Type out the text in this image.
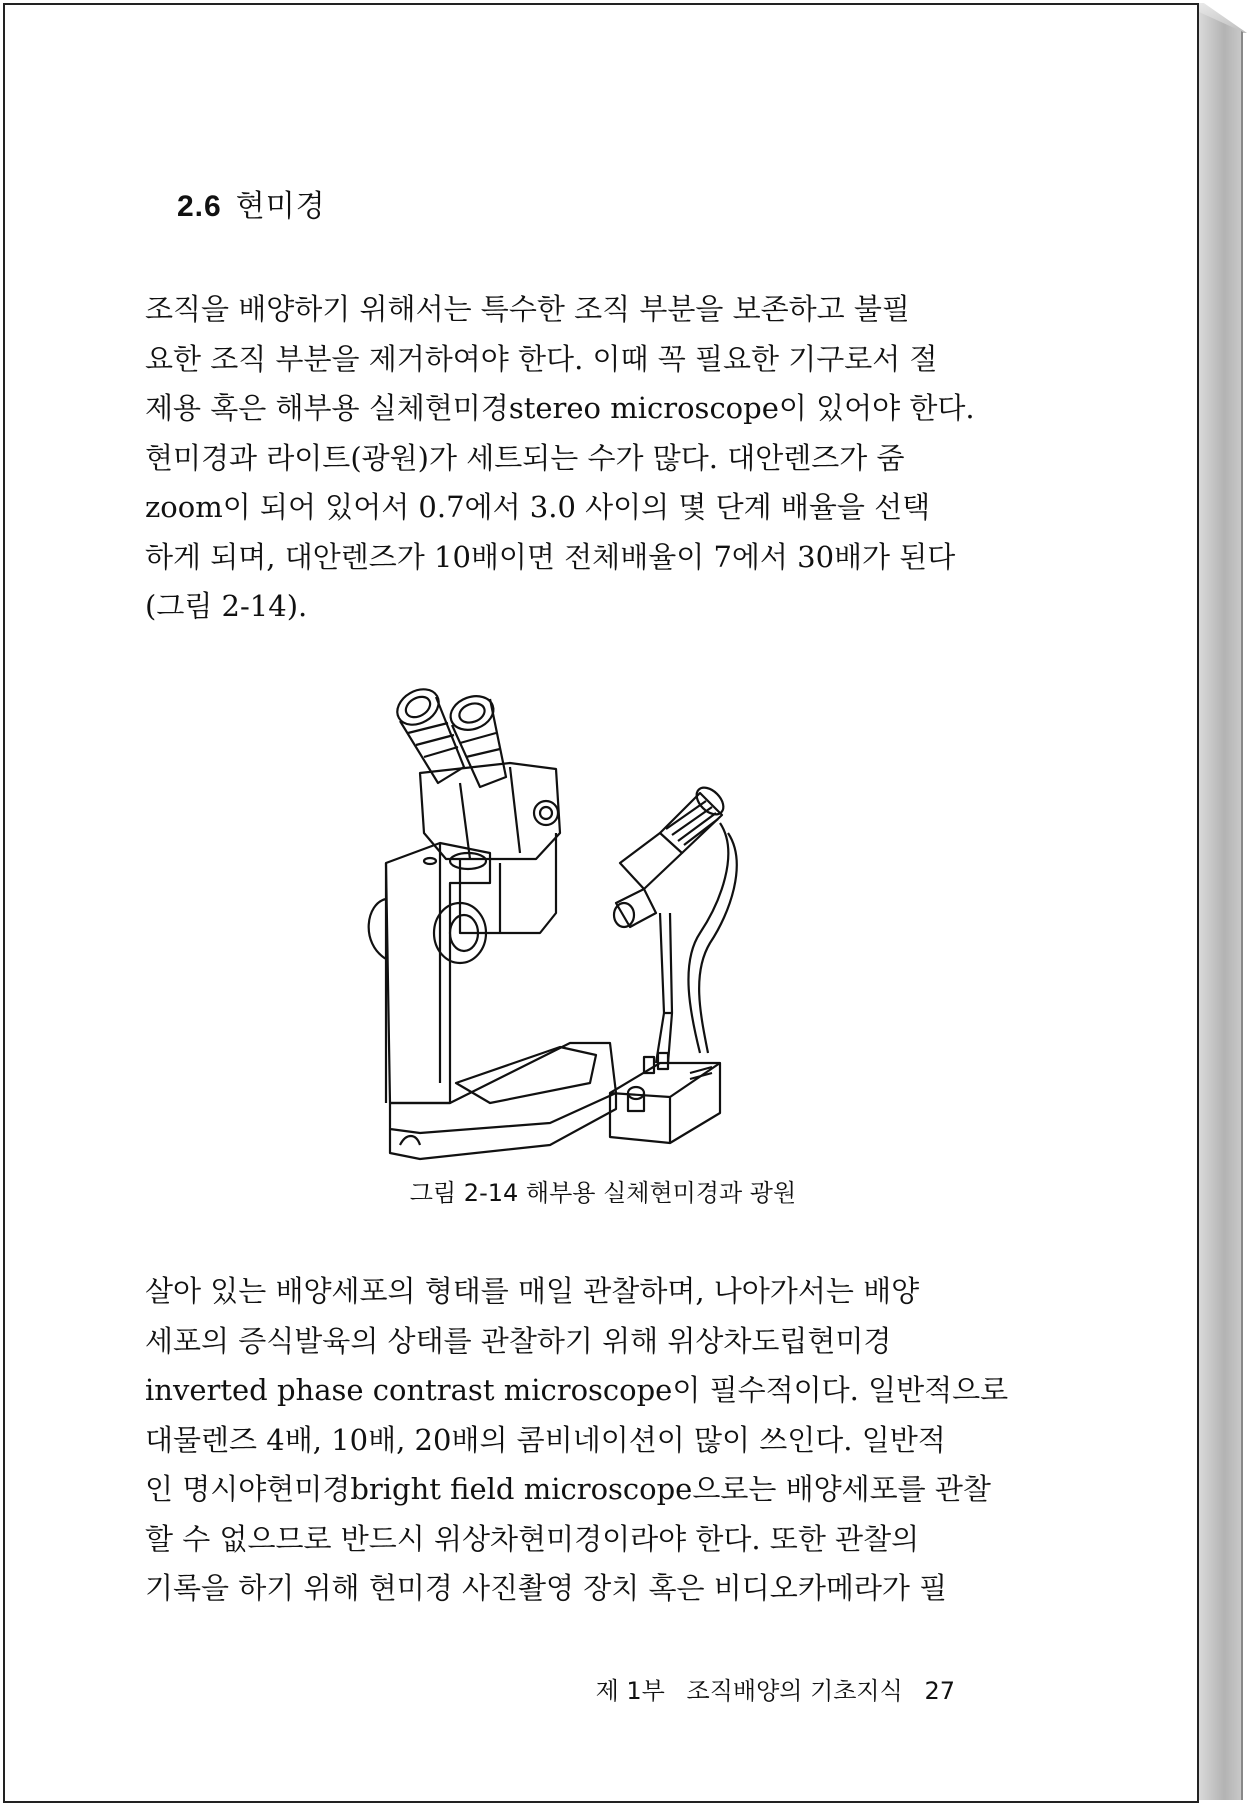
2.6 현미경
조직을 배양하기 위해서는 특수한 조직 부분을 보존하고 불필
요한 조직 부분을 제거하여야 한다. 이때 꼭 필요한 기구로서 절
제용 혹은 해부용 실체현미경stereo microscope이 있어야 한다.
현미경과 라이트(광원)가 세트되는 수가 많다. 대안렌즈가 줌
zoom이 되어 있어서 0.7에서 3.0 사이의 몇 단계 배율을 선택
하게 되며, 대안렌즈가 10배이면 전체배율이 7에서 30배가 된다
(그림 2-14).
그림 2-14 해부용 실체현미경과 광원
살아 있는 배양세포의 형태를 매일 관찰하며, 나아가서는 배양
세포의 증식발육의 상태를 관찰하기 위해 위상차도립현미경
inverted phase contrast microscope이 필수적이다. 일반적으로
대물렌즈 4배, 10배, 20배의 콤비네이션이 많이 쓰인다. 일반적
인 명시야현미경bright field microscope으로는 배양세포를 관찰
할 수 없으므로 반드시 위상차현미경이라야 한다. 또한 관찰의
기록을 하기 위해 현미경 사진촬영 장치 혹은 비디오카메라가 필
제 1부 조직배양의 기초지식 27
